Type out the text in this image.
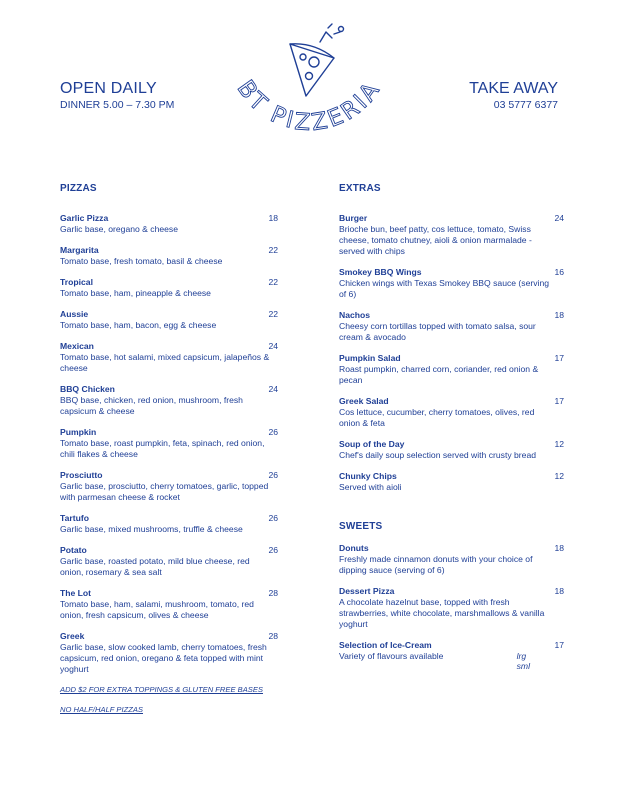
OPEN DAILY
DINNER 5.00 – 7.30 PM
TAKE AWAY
03 5777 6377
BT PIZZERIA
PIZZAS
Garlic Pizza	18
Garlic base, oregano & cheese
Margarita	22
Tomato base, fresh tomato, basil & cheese
Tropical	22
Tomato base, ham, pineapple & cheese
Aussie	22
Tomato base, ham, bacon, egg & cheese
Mexican	24
Tomato base, hot salami, mixed capsicum, jalapeños & cheese
BBQ Chicken	24
BBQ base, chicken, red onion, mushroom, fresh capsicum & cheese
Pumpkin	26
Tomato base, roast pumpkin, feta, spinach, red onion, chili flakes & cheese
Prosciutto	26
Garlic base, prosciutto, cherry tomatoes, garlic, topped with parmesan cheese & rocket
Tartufo	26
Garlic base, mixed mushrooms, truffle & cheese
Potato	26
Garlic base, roasted potato, mild blue cheese, red onion, rosemary & sea salt
The Lot	28
Tomato base, ham, salami, mushroom, tomato, red onion, fresh capsicum, olives & cheese
Greek	28
Garlic base, slow cooked lamb, cherry tomatoes, fresh capsicum, red onion, oregano & feta topped with mint yoghurt
ADD $2 FOR EXTRA TOPPINGS & GLUTEN FREE BASES
NO HALF/HALF PIZZAS
EXTRAS
Burger	24
Brioche bun, beef patty, cos lettuce, tomato, Swiss cheese, tomato chutney, aioli & onion marmalade - served with chips
Smokey BBQ Wings	16
Chicken wings with Texas Smokey BBQ sauce (serving of 6)
Nachos	18
Cheesy corn tortillas topped with tomato salsa, sour cream & avocado
Pumpkin Salad	17
Roast pumpkin, charred corn, coriander, red onion & pecan
Greek Salad	17
Cos lettuce, cucumber, cherry tomatoes, olives, red onion & feta
Soup of the Day	12
Chef's daily soup selection served with crusty bread
Chunky Chips	12
Served with aioli
SWEETS
Donuts	18
Freshly made cinnamon donuts with your choice of dipping sauce (serving of 6)
Dessert Pizza	18
A chocolate hazelnut base, topped with fresh strawberries, white chocolate, marshmallows & vanilla yoghurt
Selection of Ice-Cream	17
Variety of flavours available	lrg
sml
